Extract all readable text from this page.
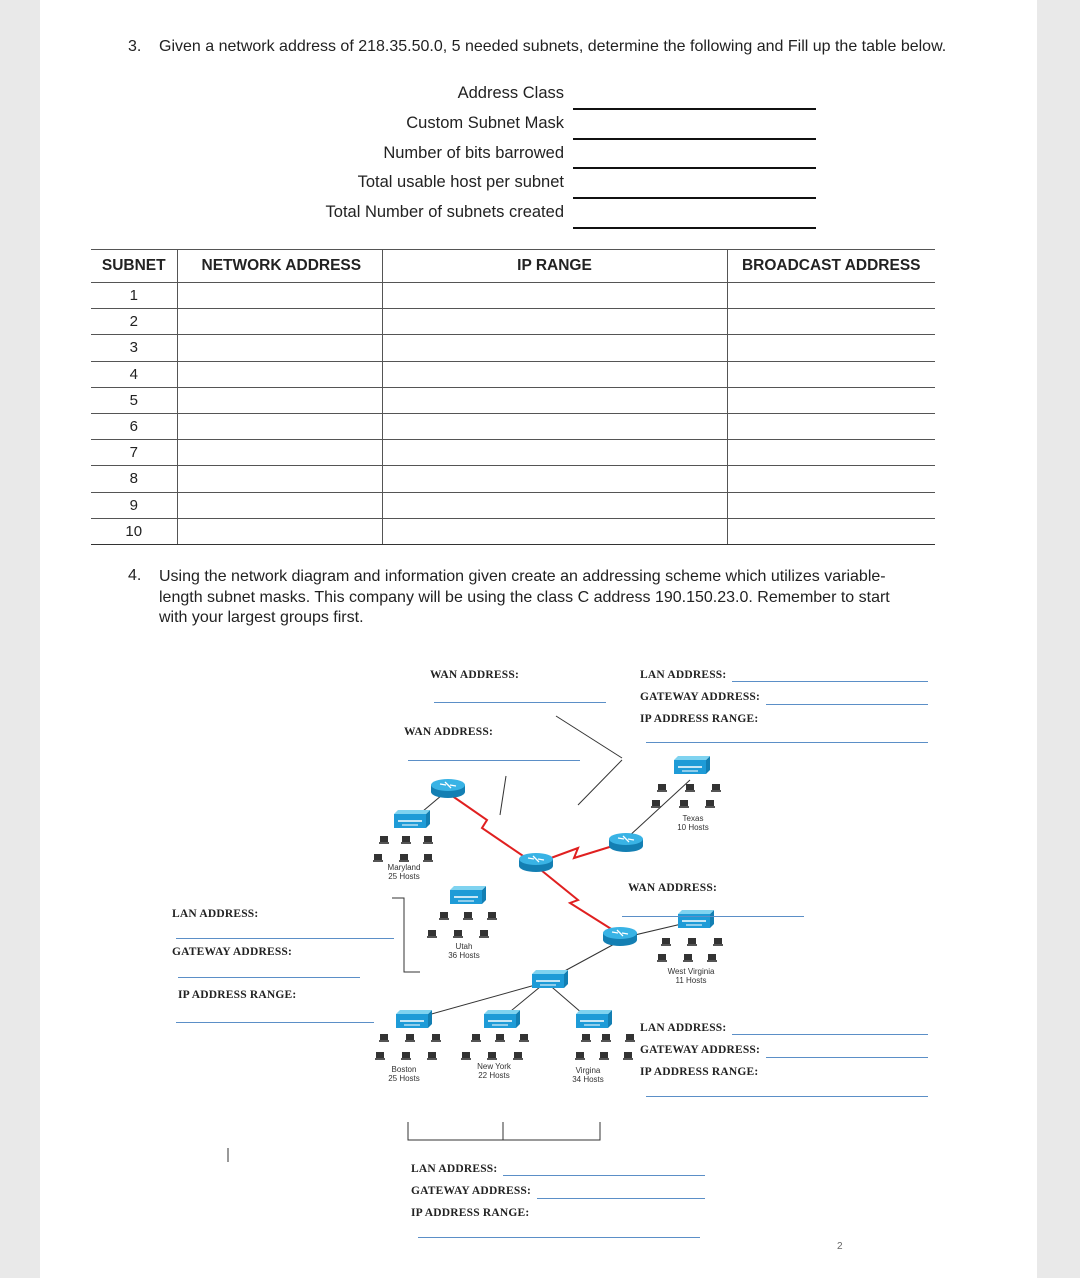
3. Given a network address of 218.35.50.0, 5 needed subnets, determine the following and Fill up the table below.
Address Class
Custom Subnet Mask
Number of bits barrowed
Total usable host per subnet
Total Number of subnets created
SUBNET	NETWORK ADDRESS	IP RANGE	BROADCAST ADDRESS
1			
2			
3			
4			
5			
6			
7			
8			
9			
10			
4. Using the network diagram and information given create an addressing scheme which utilizes variable-
length subnet masks. This company will be using the class C address 190.150.23.0. Remember to start
with your largest groups first.
Maryland
25 Hosts
Utah
36 Hosts
Texas
10 Hosts
West Virginia
11 Hosts
Boston
25 Hosts
New York
22 Hosts
Virgina
34 Hosts
WAN ADDRESS:
WAN ADDRESS:
WAN ADDRESS:
LAN ADDRESS:
GATEWAY ADDRESS:
IP ADDRESS RANGE:
LAN ADDRESS:
GATEWAY ADDRESS:
IP ADDRESS RANGE:
LAN ADDRESS:
GATEWAY ADDRESS:
IP ADDRESS RANGE:
LAN ADDRESS:
GATEWAY ADDRESS:
IP ADDRESS RANGE:
2
